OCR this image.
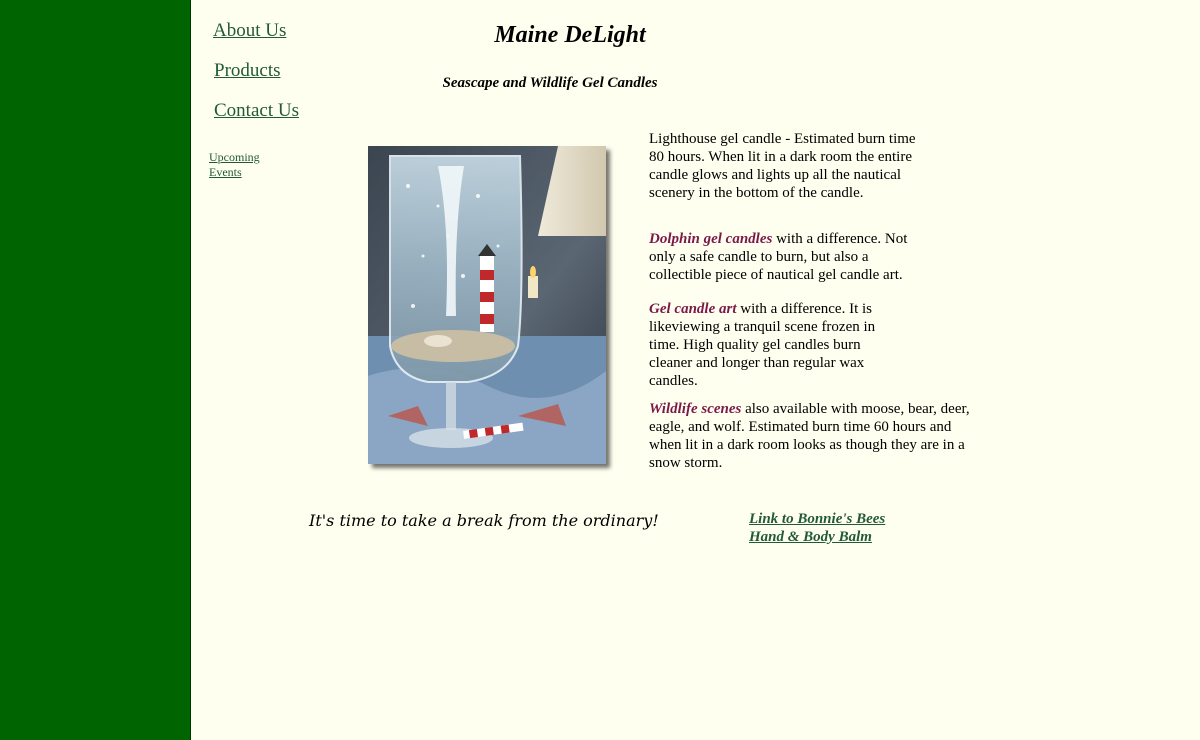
About Us
Products
Contact Us
Upcoming
Events
Maine DeLight
Seascape and Wildlife Gel Candles

Lighthouse gel candle - Estimated burn time 80 hours. When lit in a dark room the entire candle glows and lights up all the nautical scenery in the bottom of the candle.

Dolphin gel candles with a difference. Not only a safe candle to burn, but also a collectible piece of nautical gel candle art.

Gel candle art with a difference. It is likeviewing a tranquil scene frozen in time. High quality gel candles burn cleaner and longer than regular wax candles.

Wildlife scenes also available with moose, bear, deer, eagle, and wolf. Estimated burn time 60 hours and when lit in a dark room looks as though they are in a snow storm.

It's time to take a break from the ordinary!	Link to Bonnie's Bees
Hand & Body Balm
